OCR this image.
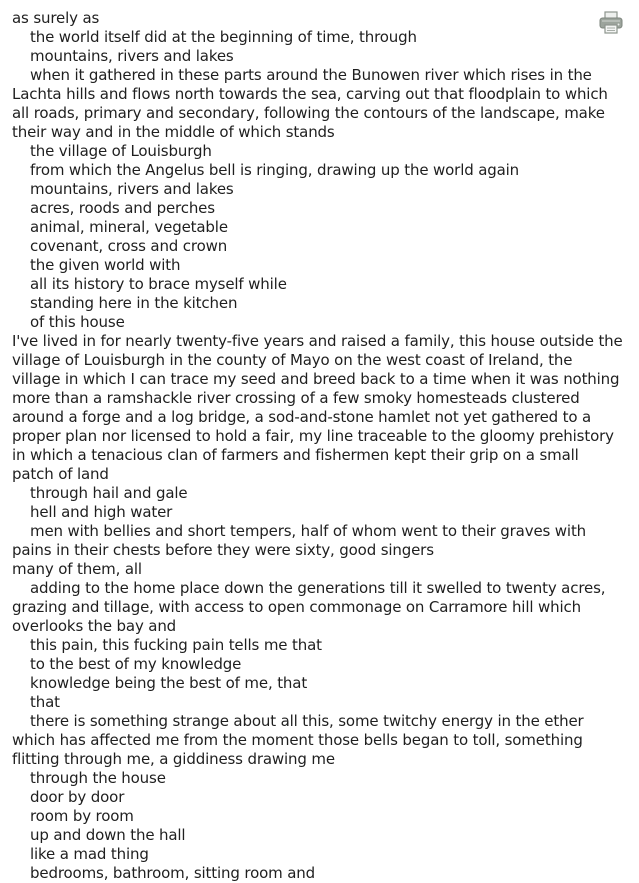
as surely as
the world itself did at the beginning of time, through
mountains, rivers and lakes
when it gathered in these parts around the Bunowen river which rises in the Lachta hills and flows north towards the sea, carving out that floodplain to which all roads, primary and secondary, following the contours of the landscape, make their way and in the middle of which stands
the village of Louisburgh
from which the Angelus bell is ringing, drawing up the world again
mountains, rivers and lakes
acres, roods and perches
animal, mineral, vegetable
covenant, cross and crown
the given world with
all its history to brace myself while
standing here in the kitchen
of this house
I've lived in for nearly twenty-five years and raised a family, this house outside the village of Louisburgh in the county of Mayo on the west coast of Ireland, the village in which I can trace my seed and breed back to a time when it was nothing more than a ramshackle river crossing of a few smoky homesteads clustered around a forge and a log bridge, a sod-and-stone hamlet not yet gathered to a proper plan nor licensed to hold a fair, my line traceable to the gloomy prehistory in which a tenacious clan of farmers and fishermen kept their grip on a small patch of land
through hail and gale
hell and high water
men with bellies and short tempers, half of whom went to their graves with pains in their chests before they were sixty, good singers
many of them, all
adding to the home place down the generations till it swelled to twenty acres, grazing and tillage, with access to open commonage on Carramore hill which overlooks the bay and
this pain, this fucking pain tells me that
to the best of my knowledge
knowledge being the best of me, that
that
there is something strange about all this, some twitchy energy in the ether which has affected me from the moment those bells began to toll, something flitting through me, a giddiness drawing me
through the house
door by door
room by room
up and down the hall
like a mad thing
bedrooms, bathroom, sitting room and
